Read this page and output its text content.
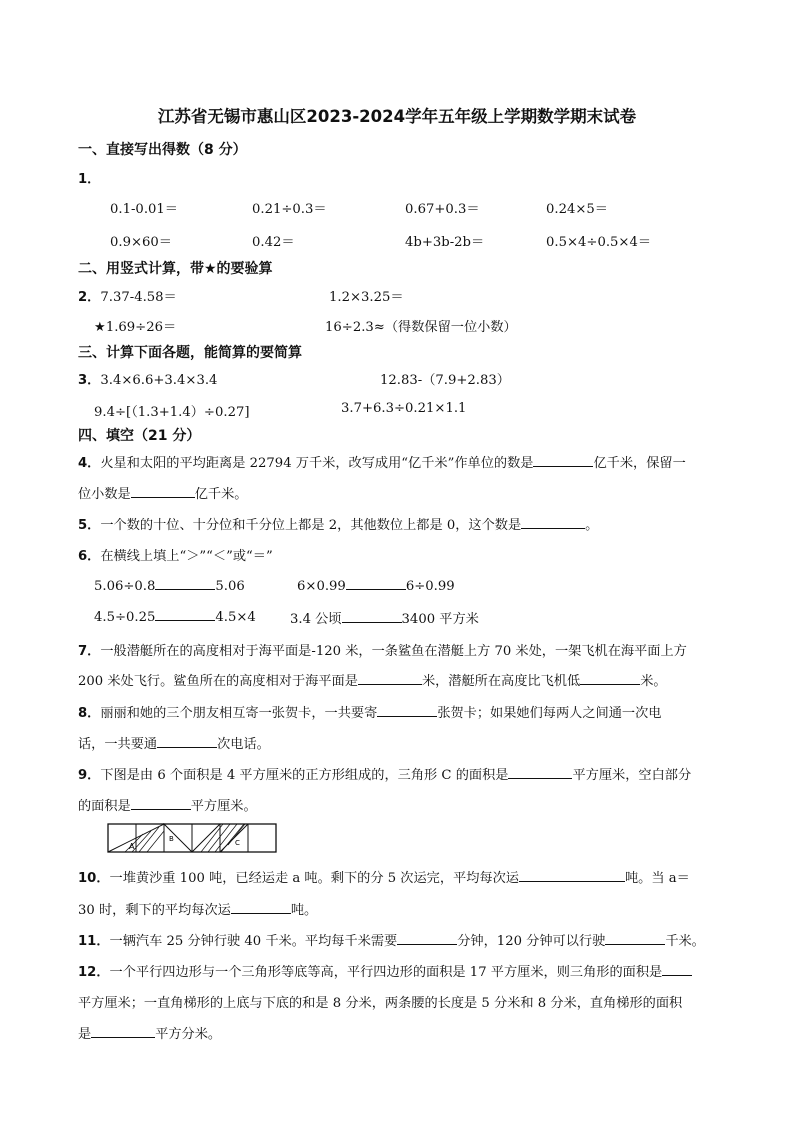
江苏省无锡市惠山区2023-2024学年五年级上学期数学期末试卷
一、直接写出得数（8 分）
1．
0.1-0.01＝	0.21÷0.3＝	0.67+0.3＝	0.24×5＝
0.9×60＝	0.42＝	4b+3b-2b＝	0.5×4÷0.5×4＝
二、用竖式计算，带★的要验算
2．7.37-4.58＝	1.2×3.25＝
★1.69÷26＝	16÷2.3≈（得数保留一位小数）
三、计算下面各题，能简算的要简算
3．3.4×6.6+3.4×3.4	12.83-（7.9+2.83）
9.4÷[（1.3+1.4）÷0.27]	3.7+6.3÷0.21×1.1
四、填空（21 分）
4．火星和太阳的平均距离是 22794 万千米，改写成用“亿千米”作单位的数是	亿千米，保留一
位小数是	亿千米。
5．一个数的十位、十分位和千分位上都是 2，其他数位上都是 0，这个数是	。
6．在横线上填上“＞”“＜”或“＝”
5.06÷0.8	5.06	6×0.99	6÷0.99
4.5÷0.25	4.5×4	3.4 公顷	3400 平方米
7．一般潜艇所在的高度相对于海平面是-120 米，一条鲨鱼在潜艇上方 70 米处，一架飞机在海平面上方
200 米处飞行。鲨鱼所在的高度相对于海平面是	米，潜艇所在高度比飞机低	米。
8．丽丽和她的三个朋友相互寄一张贺卡，一共要寄	张贺卡；如果她们每两人之间通一次电
话，一共要通	次电话。
9．下图是由 6 个面积是 4 平方厘米的正方形组成的，三角形 C 的面积是	平方厘米，空白部分
的面积是	平方厘米。
A
B	C
10．一堆黄沙重 100 吨，已经运走 a 吨。剩下的分 5 次运完，平均每次运	吨。当 a＝
30 时，剩下的平均每次运	吨。
11．一辆汽车 25 分钟行驶 40 千米。平均每千米需要	分钟，120 分钟可以行驶	千米。
12．一个平行四边形与一个三角形等底等高，平行四边形的面积是 17 平方厘米，则三角形的面积是
平方厘米；一直角梯形的上底与下底的和是 8 分米，两条腰的长度是 5 分米和 8 分米，直角梯形的面积
是	平方分米。
